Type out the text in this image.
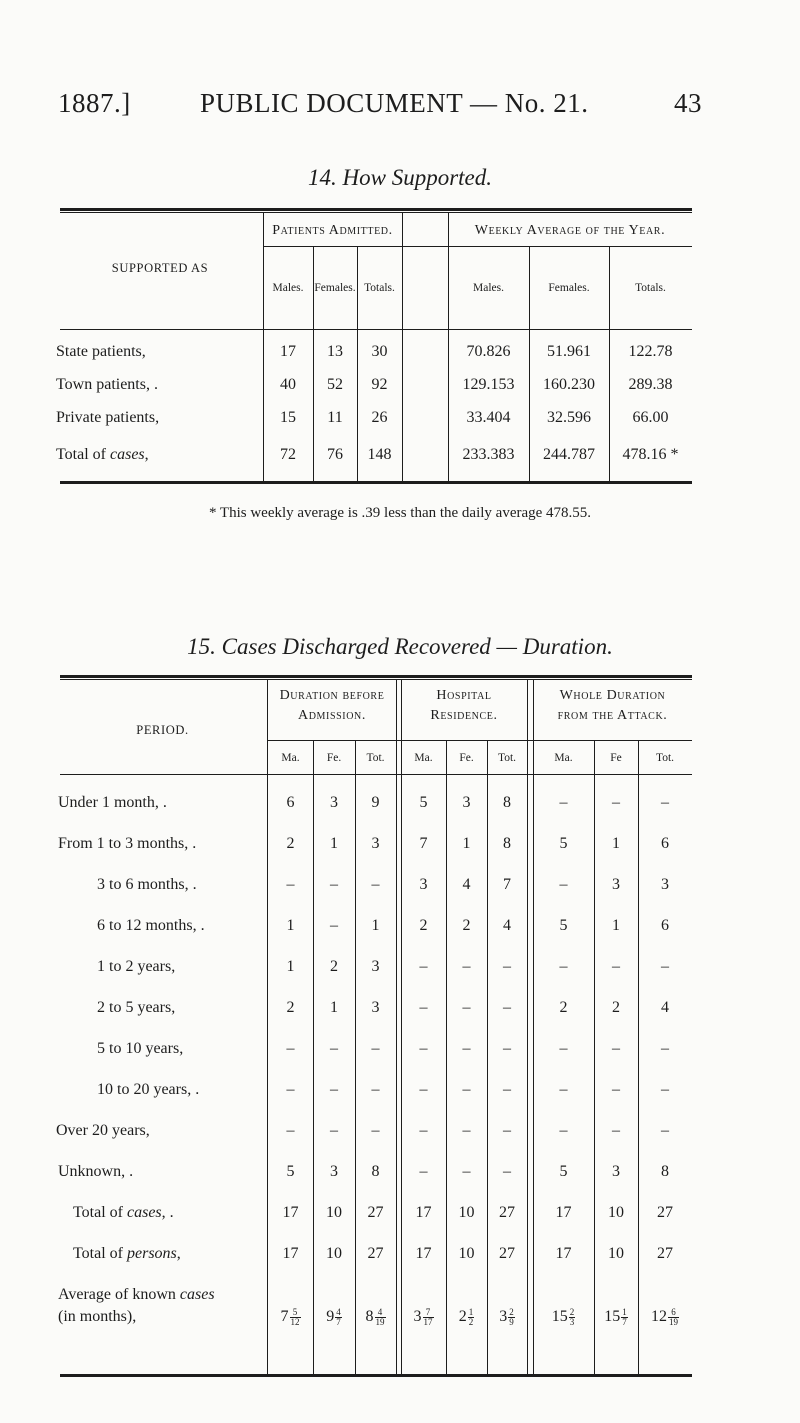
1887.]	PUBLIC DOCUMENT — No. 21.	43
14. How Supported.
SUPPORTED AS
Patients Admitted.	Weekly Average of the Year.
Males. Females. Totals.	Males.	Females.	Totals.
State patients,	17	13	30	70.826	51.961	122.78
Town patients, .	40	52	92	129.153	160.230	289.38
Private patients,	15	11	26	33.404	32.596	66.00
Total of cases,	72	76	148	233.383	244.787	478.16 *
* This weekly average is .39 less than the daily average 478.55.
15. Cases Discharged Recovered — Duration.
PERIOD.
Duration before
Admission.
Hospital
Residence.
Whole Duration
from the Attack.
Ma.	Fe.	Tot.	Ma.	Fe.	Tot.	Ma.	Fe	Tot.
Under 1 month, .	6	3	9	5	3	8	–	–	–
From 1 to 3 months, .	2	1	3	7	1	8	5	1	6
3 to 6 months, .	–	–	–	3	4	7	–	3	3
6 to 12 months, .	1	–	1	2	2	4	5	1	6
1 to 2 years,	1	2	3	–	–	–	–	–	–
2 to 5 years,	2	1	3	–	–	–	2	2	4
5 to 10 years,	–	–	–	–	–	–	–	–	–
10 to 20 years, .	–	–	–	–	–	–	–	–	–
Over 20 years,	–	–	–	–	–	–	–	–	–
Unknown, .	5	3	8	–	–	–	5	3	8
Total of cases, .	17	10	27	17	10	27	17	10	27
Total of persons,	17	10	27	17	10	27	17	10	27
Average of known cases
(in months),	$7 \frac{5}{12}$	$9 \frac{4}{7}$	$8 \frac{4}{19}$	$3 \frac{7}{17}$	$2 \frac{1}{2}$	$3 \frac{2}{9}$	$15 \frac{2}{3}$	$15 \frac{1}{7}$	$12 \frac{6}{19}$
